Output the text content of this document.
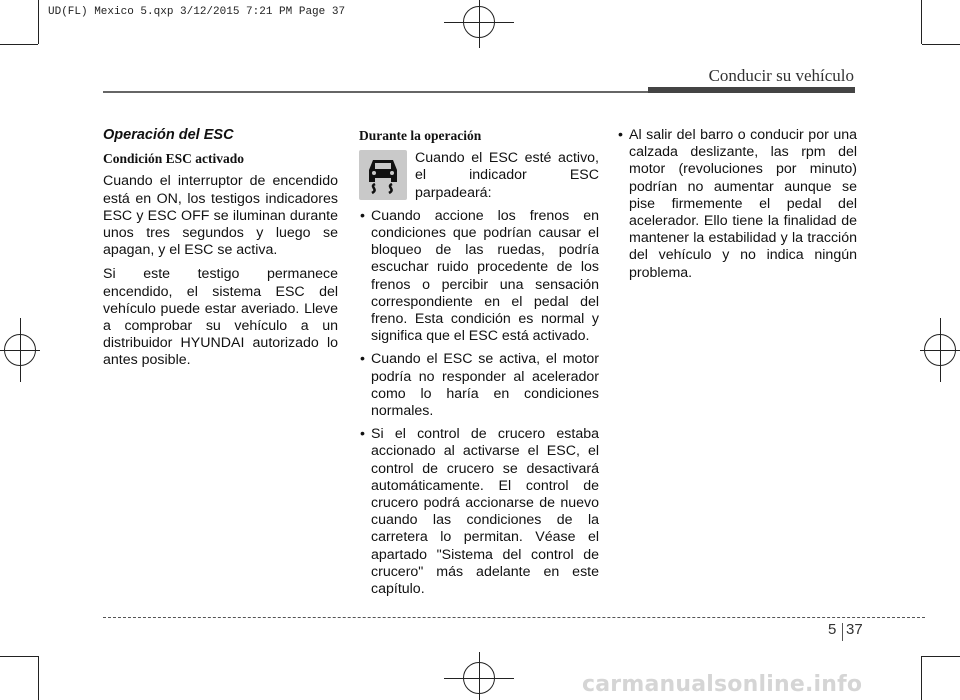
UD(FL) Mexico 5.qxp 3/12/2015 7:21 PM Page 37
Conducir su vehículo
Operación del ESC
Condición ESC activado

Cuando el interruptor de encendido está en ON, los testigos indicadores ESC y ESC OFF se iluminan durante unos tres segundos y luego se apagan, y el ESC se activa.

Si este testigo permanece encendido, el sistema ESC del vehículo puede estar averiado. Lleve a comprobar su vehículo a un distribuidor HYUNDAI autorizado lo antes posible.

Durante la operación
Cuando el ESC esté activo, el indicador ESC parpadeará:
• Cuando accione los frenos en condiciones que podrían causar el bloqueo de las ruedas, podría escuchar ruido procedente de los frenos o percibir una sensación correspondiente en el pedal del freno. Esta condición es normal y significa que el ESC está activado.
• Cuando el ESC se activa, el motor podría no responder al acelerador como lo haría en condiciones normales.
• Si el control de crucero estaba accionado al activarse el ESC, el control de crucero se desactivará automáticamente. El control de crucero podrá accionarse de nuevo cuando las condiciones de la carretera lo permitan. Véase el apartado "Sistema del control de crucero" más adelante en este capítulo.
• Al salir del barro o conducir por una calzada deslizante, las rpm del motor (revoluciones por minuto) podrían no aumentar aunque se pise firmemente el pedal del acelerador. Ello tiene la finalidad de mantener la estabilidad y la tracción del vehículo y no indica ningún problema.
5 37
carmanualsonline.info
